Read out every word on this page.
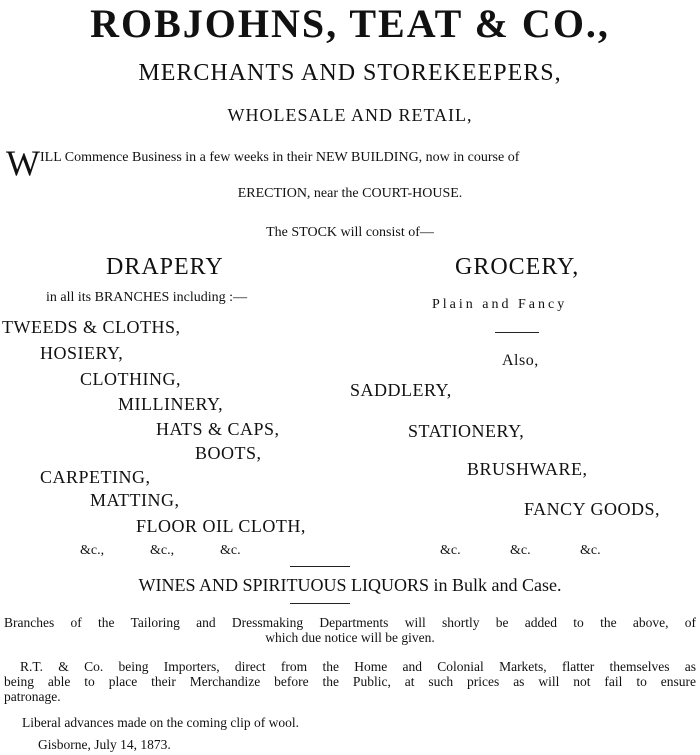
ROBJOHNS, TEAT & CO.,
MERCHANTS AND STOREKEEPERS,
WHOLESALE AND RETAIL,
WILL Commence Business in a few weeks in their NEW BUILDING, now in course of
ERECTION, near the COURT-HOUSE.
The STOCK will consist of—
DRAPERY
in all its BRANCHES including :—
TWEEDS & CLOTHS,
HOSIERY,
CLOTHING,
MILLINERY,
HATS & CAPS,
BOOTS,
CARPETING,
MATTING,
FLOOR OIL CLOTH,
&c.,	&c.,	&c.
GROCERY,
Plain and Fancy
Also,
SADDLERY,
STATIONERY,
BRUSHWARE,
FANCY GOODS,
&c.	&c.	&c.
WINES AND SPIRITUOUS LIQUORS in Bulk and Case.
Branches of the Tailoring and Dressmaking Departments will shortly be added to the above, of
which due notice will be given.
R.T. & Co. being Importers, direct from the Home and Colonial Markets, flatter themselves as
being able to place their Merchandize before the Public, at such prices as will not fail to ensure
patronage.
Liberal advances made on the coming clip of wool.
Gisborne, July 14, 1873.
